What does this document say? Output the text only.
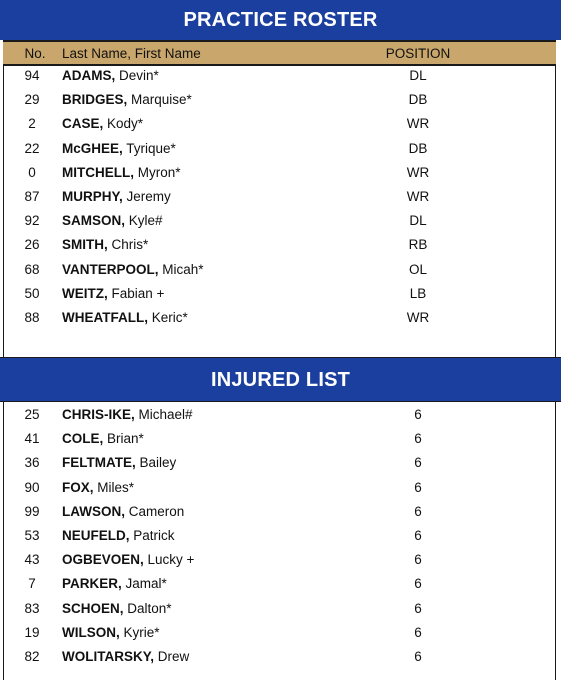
PRACTICE ROSTER
No.	Last Name, First Name	POSITION
94	ADAMS, Devin*	DL
29	BRIDGES, Marquise*	DB
2	CASE, Kody*	WR
22	McGHEE, Tyrique*	DB
0	MITCHELL, Myron*	WR
87	MURPHY, Jeremy	WR
92	SAMSON, Kyle#	DL
26	SMITH, Chris*	RB
68	VANTERPOOL, Micah*	OL
50	WEITZ, Fabian +	LB
88	WHEATFALL, Keric*	WR
INJURED LIST
25	CHRIS-IKE, Michael#	6
41	COLE, Brian*	6
36	FELTMATE, Bailey	6
90	FOX, Miles*	6
99	LAWSON, Cameron	6
53	NEUFELD, Patrick	6
43	OGBEVOEN, Lucky +	6
7	PARKER, Jamal*	6
83	SCHOEN, Dalton*	6
19	WILSON, Kyrie*	6
82	WOLITARSKY, Drew	6
